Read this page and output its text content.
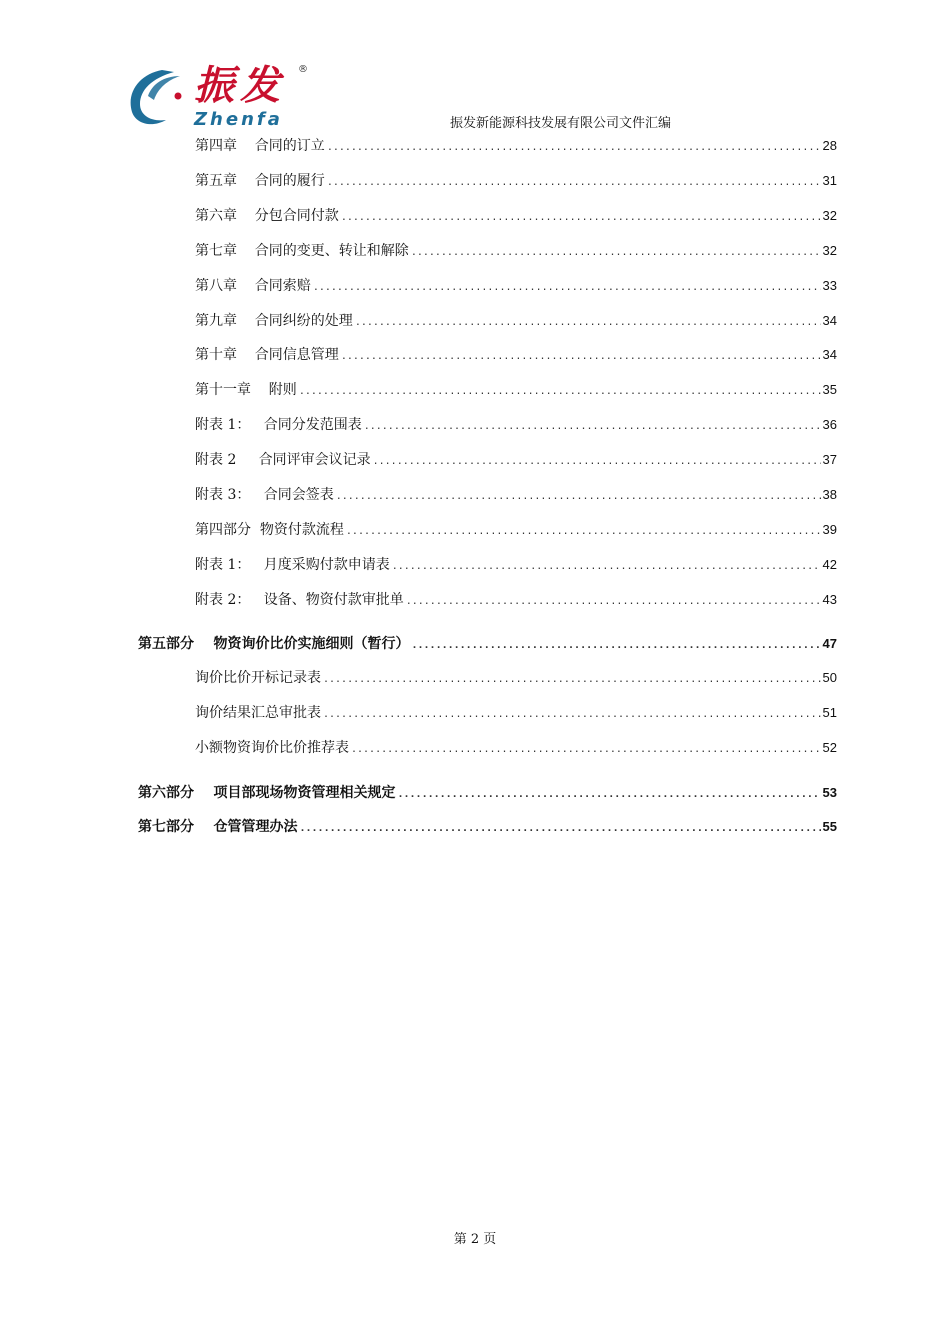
振发 ®
Zhenfa	振发新能源科技发展有限公司文件汇编
第四章    合同的订立 .....	28
第五章    合同的履行 .....	31
第六章    分包合同付款 .....	32
第七章    合同的变更、转让和解除 .....	32
第八章    合同索赔 .....	33
第九章    合同纠纷的处理 .....	34
第十章    合同信息管理 .....	34
第十一章    附则 .....	35
附表 1：   合同分发范围表 .....	36
附表 2     合同评审会议记录 .....	37
附表 3：   合同会签表 .....	38
第四部分  物资付款流程 .....	39
附表 1：   月度采购付款申请表 .....	42
附表 2：   设备、物资付款审批单 .....	43
第五部分    物资询价比价实施细则（暂行） .....	47
询价比价开标记录表 .....	50
询价结果汇总审批表 .....	51
小额物资询价比价推荐表 .....	52
第六部分    项目部现场物资管理相关规定 .....	53
第七部分    仓管管理办法 .....	55
第 2 页
